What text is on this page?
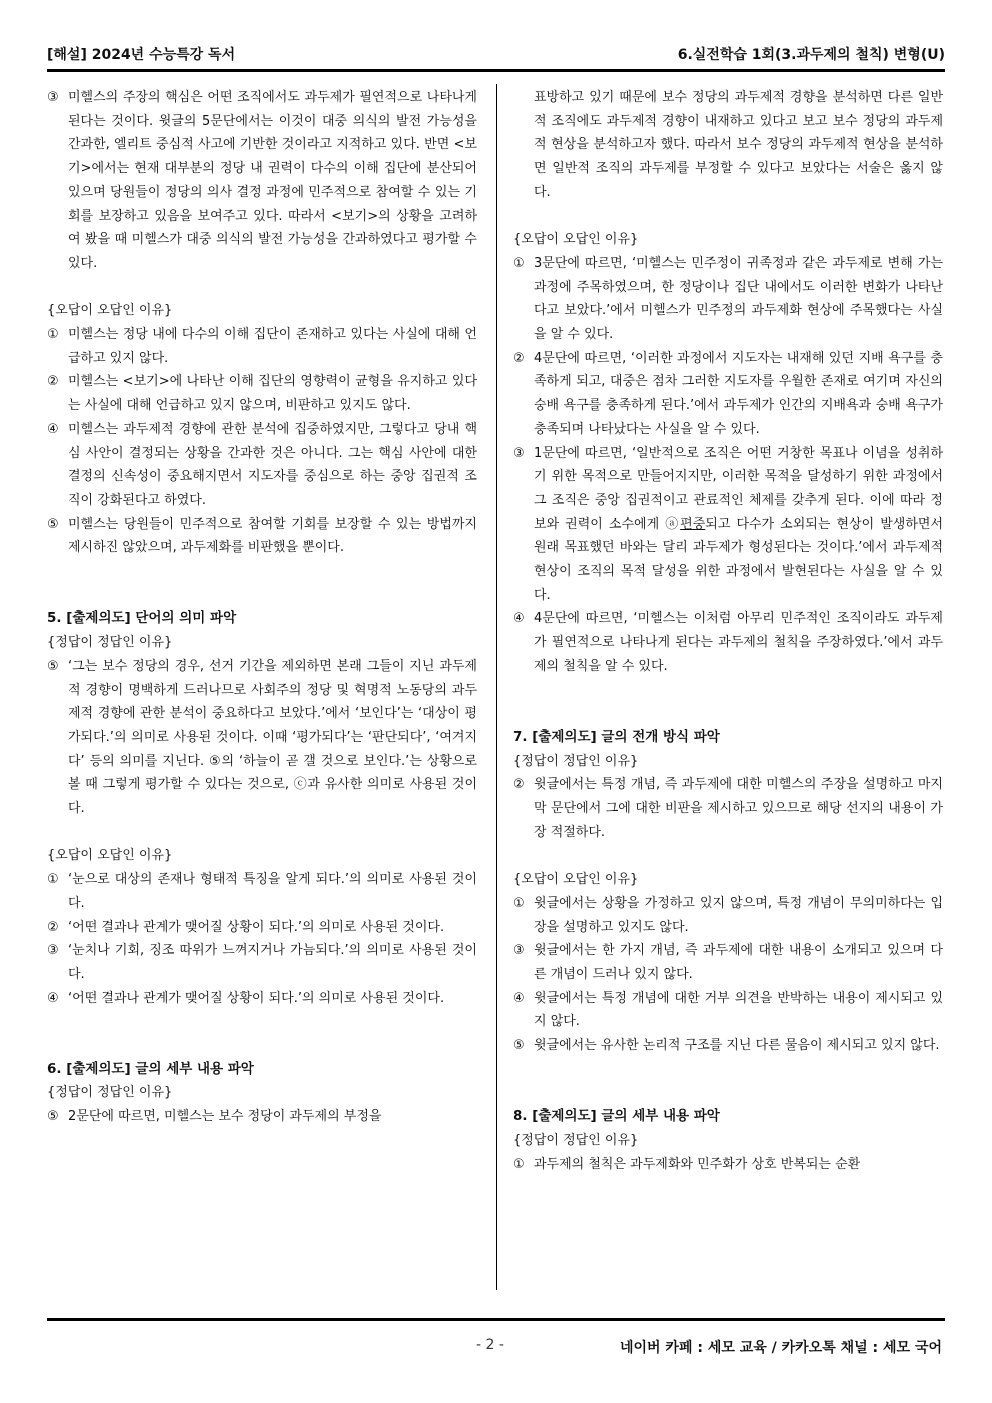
[해설] 2024년 수능특강 독서	6.실전학습 1회(3.과두제의 철칙) 변형(U)
③ 미헬스의 주장의 핵심은 어떤 조직에서도 과두제가 필연적으로 나타나게 된다는 것이다. 윗글의 5문단에서는 이것이 대중 의식의 발전 가능성을 간과한, 엘리트 중심적 사고에 기반한 것이라고 지적하고 있다. 반면 <보기>에서는 현재 대부분의 정당 내 권력이 다수의 이해 집단에 분산되어 있으며 당원들이 정당의 의사 결정 과정에 민주적으로 참여할 수 있는 기회를 보장하고 있음을 보여주고 있다. 따라서 <보기>의 상황을 고려하여 봤을 때 미헬스가 대중 의식의 발전 가능성을 간과하였다고 평가할 수 있다.

{오답이 오답인 이유}

① 미헬스는 정당 내에 다수의 이해 집단이 존재하고 있다는 사실에 대해 언급하고 있지 않다.
② 미헬스는 <보기>에 나타난 이해 집단의 영향력이 균형을 유지하고 있다는 사실에 대해 언급하고 있지 않으며, 비판하고 있지도 않다.
④ 미헬스는 과두제적 경향에 관한 분석에 집중하였지만, 그렇다고 당내 핵심 사안이 결정되는 상황을 간과한 것은 아니다. 그는 핵심 사안에 대한 결정의 신속성이 중요해지면서 지도자를 중심으로 하는 중앙 집권적 조직이 강화된다고 하였다.
⑤ 미헬스는 당원들이 민주적으로 참여할 기회를 보장할 수 있는 방법까지 제시하진 않았으며, 과두제화를 비판했을 뿐이다.

5. [출제의도] 단어의 의미 파악

{정답이 정답인 이유}

⑤ ‘그는 보수 정당의 경우, 선거 기간을 제외하면 본래 그들이 지닌 과두제적 경향이 명백하게 드러나므로 사회주의 정당 및 혁명적 노동당의 과두제적 경향에 관한 분석이 중요하다고 보았다.’에서 ‘보인다’는 ‘대상이 평가되다.’의 의미로 사용된 것이다. 이때 ‘평가되다’는 ‘판단되다’, ‘여겨지다’ 등의 의미를 지닌다. ⑤의 ‘하늘이 곧 갤 것으로 보인다.’는 상황으로 볼 때 그렇게 평가할 수 있다는 것으로, ⓒ과 유사한 의미로 사용된 것이다.

{오답이 오답인 이유}

① ‘눈으로 대상의 존재나 형태적 특징을 알게 되다.’의 의미로 사용된 것이다.
② ‘어떤 결과나 관계가 맺어질 상황이 되다.’의 의미로 사용된 것이다.
③ ‘눈치나 기회, 징조 따위가 느껴지거나 가늠되다.’의 의미로 사용된 것이다.
④ ‘어떤 결과나 관계가 맺어질 상황이 되다.’의 의미로 사용된 것이다.

6. [출제의도] 글의 세부 내용 파악

{정답이 정답인 이유}

⑤ 2문단에 따르면, 미헬스는 보수 정당이 과두제의 부정을

표방하고 있기 때문에 보수 정당의 과두제적 경향을 분석하면 다른 일반적 조직에도 과두제적 경향이 내재하고 있다고 보고 보수 정당의 과두제적 현상을 분석하고자 했다. 따라서 보수 정당의 과두제적 현상을 분석하면 일반적 조직의 과두제를 부정할 수 있다고 보았다는 서술은 옳지 않다.

{오답이 오답인 이유}

① 3문단에 따르면, ‘미헬스는 민주정이 귀족정과 같은 과두제로 변해 가는 과정에 주목하였으며, 한 정당이나 집단 내에서도 이러한 변화가 나타난다고 보았다.’에서 미헬스가 민주정의 과두제화 현상에 주목했다는 사실을 알 수 있다.
② 4문단에 따르면, ‘이러한 과정에서 지도자는 내재해 있던 지배 욕구를 충족하게 되고, 대중은 점차 그러한 지도자를 우월한 존재로 여기며 자신의 숭배 욕구를 충족하게 된다.’에서 과두제가 인간의 지배욕과 숭배 욕구가 충족되며 나타났다는 사실을 알 수 있다.
③ 1문단에 따르면, ‘일반적으로 조직은 어떤 거창한 목표나 이념을 성취하기 위한 목적으로 만들어지지만, 이러한 목적을 달성하기 위한 과정에서 그 조직은 중앙 집권적이고 관료적인 체제를 갖추게 된다. 이에 따라 정보와 권력이 소수에게 ⓐ편중되고 다수가 소외되는 현상이 발생하면서 원래 목표했던 바와는 달리 과두제가 형성된다는 것이다.’에서 과두제적 현상이 조직의 목적 달성을 위한 과정에서 발현된다는 사실을 알 수 있다.
④ 4문단에 따르면, ‘미헬스는 이처럼 아무리 민주적인 조직이라도 과두제가 필연적으로 나타나게 된다는 과두제의 철칙을 주장하였다.’에서 과두제의 철칙을 알 수 있다.

7. [출제의도] 글의 전개 방식 파악

{정답이 정답인 이유}

② 윗글에서는 특정 개념, 즉 과두제에 대한 미헬스의 주장을 설명하고 마지막 문단에서 그에 대한 비판을 제시하고 있으므로 해당 선지의 내용이 가장 적절하다.

{오답이 오답인 이유}

① 윗글에서는 상황을 가정하고 있지 않으며, 특정 개념이 무의미하다는 입장을 설명하고 있지도 않다.
③ 윗글에서는 한 가지 개념, 즉 과두제에 대한 내용이 소개되고 있으며 다른 개념이 드러나 있지 않다.
④ 윗글에서는 특정 개념에 대한 거부 의견을 반박하는 내용이 제시되고 있지 않다.
⑤ 윗글에서는 유사한 논리적 구조를 지닌 다른 물음이 제시되고 있지 않다.

8. [출제의도] 글의 세부 내용 파악

{정답이 정답인 이유}

① 과두제의 철칙은 과두제화와 민주화가 상호 반복되는 순환
- 2 -	네이버 카페 : 세모 교육 / 카카오톡 채널 : 세모 국어
